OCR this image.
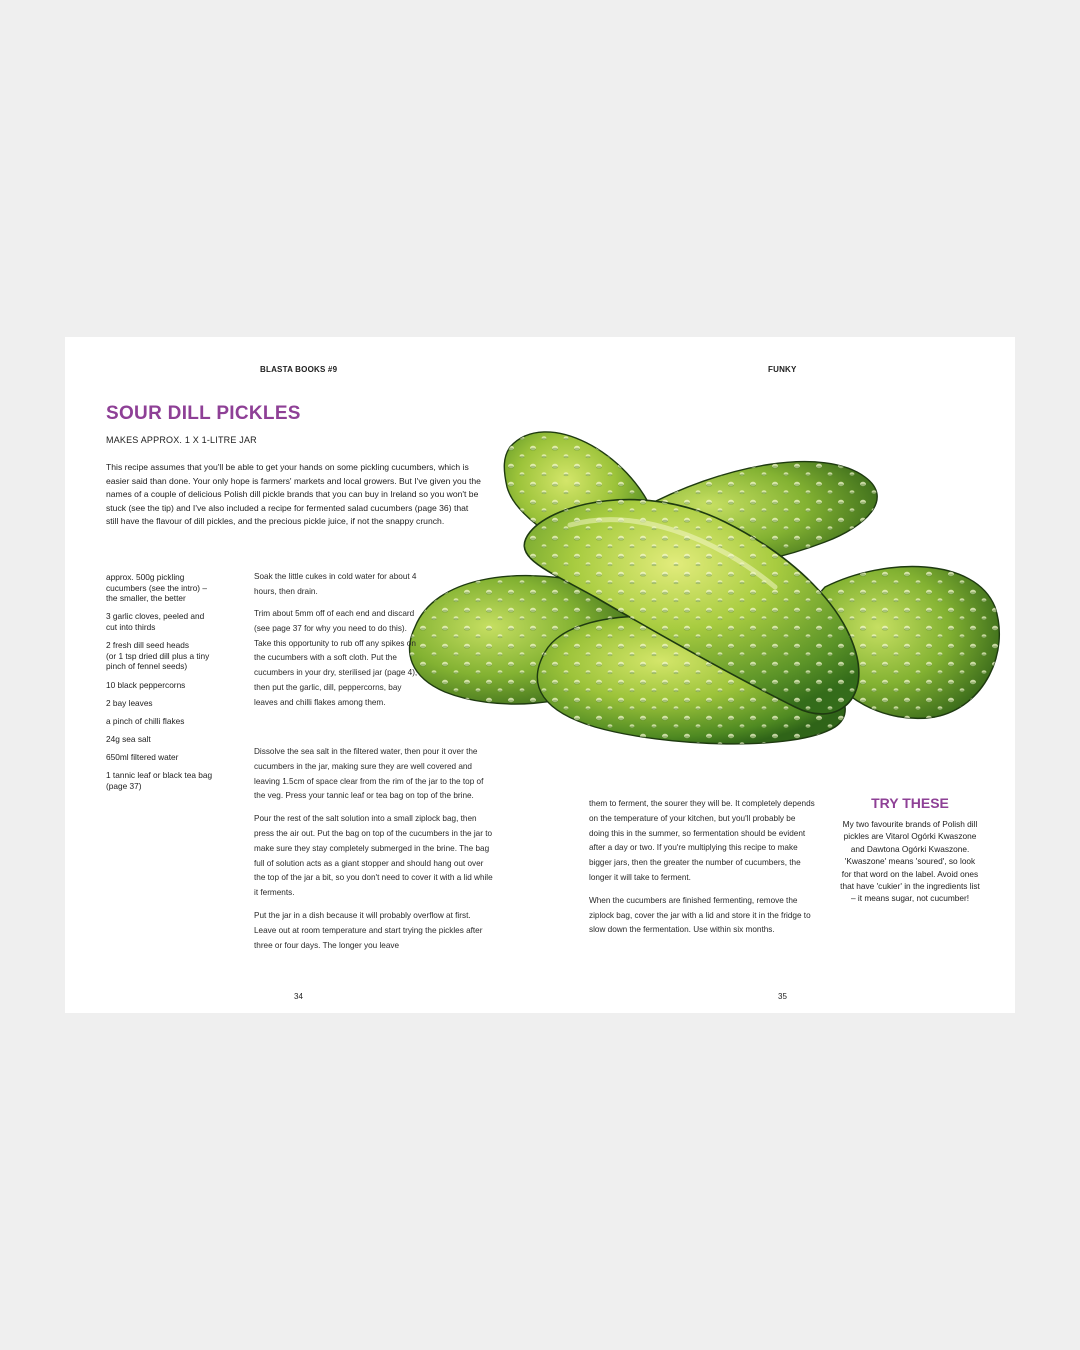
BLASTA BOOKS #9	FUNKY
SOUR DILL PICKLES
MAKES APPROX. 1 X 1-LITRE JAR
This recipe assumes that you'll be able to get your hands on some pickling cucumbers, which is easier said than done. Your only hope is farmers' markets and local growers. But I've given you the names of a couple of delicious Polish dill pickle brands that you can buy in Ireland so you won't be stuck (see the tip) and I've also included a recipe for fermented salad cucumbers (page 36) that still have the flavour of dill pickles, and the precious pickle juice, if not the snappy crunch.
approx. 500g pickling
cucumbers (see the intro) –
the smaller, the better
3 garlic cloves, peeled and
cut into thirds
2 fresh dill seed heads
(or 1 tsp dried dill plus a tiny
pinch of fennel seeds)
10 black peppercorns
2 bay leaves
a pinch of chilli flakes
24g sea salt
650ml filtered water
1 tannic leaf or black tea bag
(page 37)
Soak the little cukes in cold water for about 4 hours, then drain.
Trim about 5mm off of each end and discard (see page 37 for why you need to do this). Take this opportunity to rub off any spikes on the cucumbers with a soft cloth. Put the cucumbers in your dry, sterilised jar (page 4), then put the garlic, dill, peppercorns, bay leaves and chilli flakes among them.

Dissolve the sea salt in the filtered water, then pour it over the cucumbers in the jar, making sure they are well covered and leaving 1.5cm of space clear from the rim of the jar to the top of the veg. Press your tannic leaf or tea bag on top of the brine.

Pour the rest of the salt solution into a small ziplock bag, then press the air out. Put the bag on top of the cucumbers in the jar to make sure they stay completely submerged in the brine. The bag full of solution acts as a giant stopper and should hang out over the top of the jar a bit, so you don't need to cover it with a lid while it ferments.

Put the jar in a dish because it will probably overflow at first. Leave out at room temperature and start trying the pickles after three or four days. The longer you leave

them to ferment, the sourer they will be. It completely depends on the temperature of your kitchen, but you'll probably be doing this in the summer, so fermentation should be evident after a day or two. If you're multiplying this recipe to make bigger jars, then the greater the number of cucumbers, the longer it will take to ferment.

When the cucumbers are finished fermenting, remove the ziplock bag, cover the jar with a lid and store it in the fridge to slow down the fermentation. Use within six months.

TRY THESE
My two favourite brands of Polish dill pickles are Vitarol Ogórki Kwaszone and Dawtona Ogórki Kwaszone. 'Kwaszone' means 'soured', so look for that word on the label. Avoid ones that have 'cukier' in the ingredients list – it means sugar, not cucumber!
34	35
